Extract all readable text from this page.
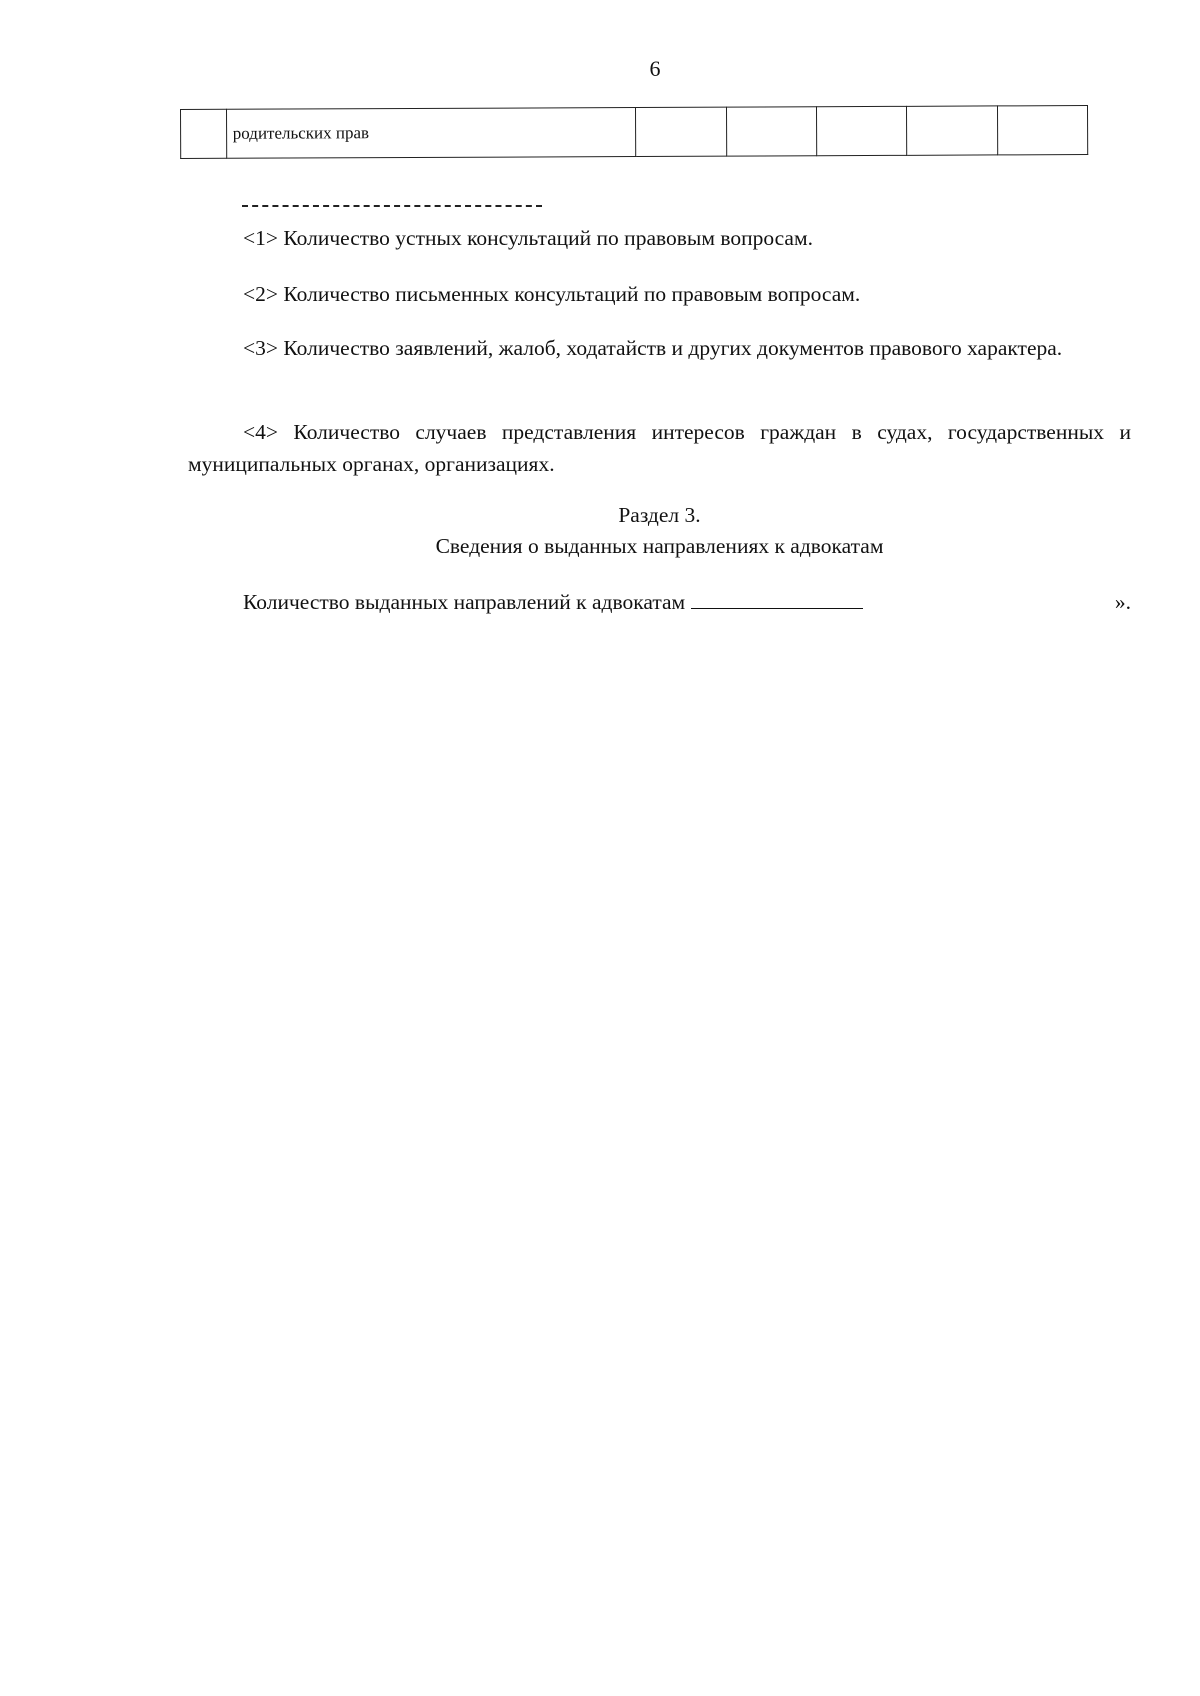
6
	родительских прав					

<1> Количество устных консультаций по правовым вопросам.

<2> Количество письменных консультаций по правовым вопросам.

<3> Количество заявлений, жалоб, ходатайств и других документов правового характера.

<4> Количество случаев представления интересов граждан в судах, государственных и муниципальных органах, организациях.

Раздел 3.
Сведения о выданных направлениях к адвокатам
Количество выданных направлений к адвокатам	».
